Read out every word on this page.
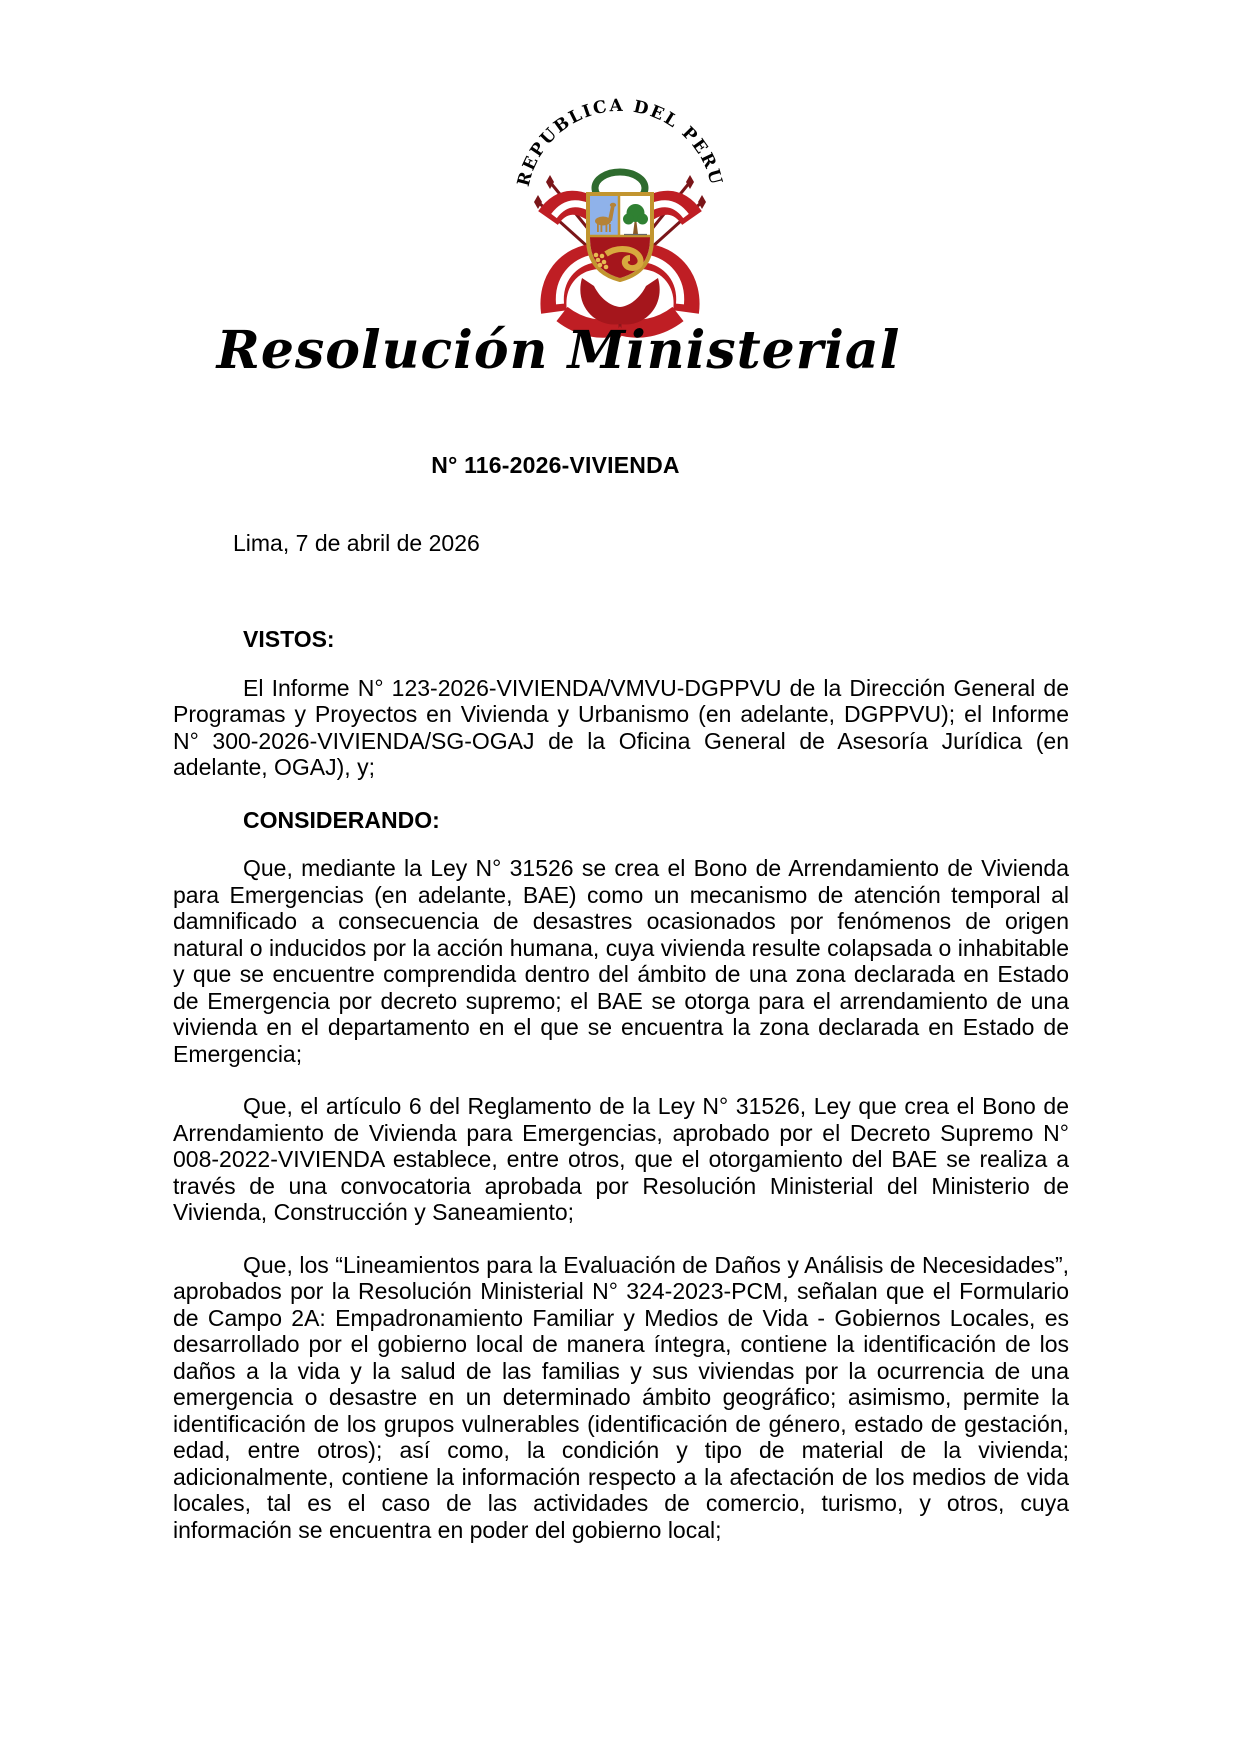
REPUBLICA DEL PERU
Resolución Ministerial
N° 116-2026-VIVIENDA
Lima, 7 de abril de 2026
VISTOS:

El Informe N° 123-2026-VIVIENDA/VMVU-DGPPVU de la Dirección General de Programas y Proyectos en Vivienda y Urbanismo (en adelante, DGPPVU); el Informe N° 300-2026-VIVIENDA/SG-OGAJ de la Oficina General de Asesoría Jurídica (en adelante, OGAJ), y;

CONSIDERANDO:

Que, mediante la Ley N° 31526 se crea el Bono de Arrendamiento de Vivienda para Emergencias (en adelante, BAE) como un mecanismo de atención temporal al damnificado a consecuencia de desastres ocasionados por fenómenos de origen natural o inducidos por la acción humana, cuya vivienda resulte colapsada o inhabitable y que se encuentre comprendida dentro del ámbito de una zona declarada en Estado de Emergencia por decreto supremo; el BAE se otorga para el arrendamiento de una vivienda en el departamento en el que se encuentra la zona declarada en Estado de Emergencia;

Que, el artículo 6 del Reglamento de la Ley N° 31526, Ley que crea el Bono de Arrendamiento de Vivienda para Emergencias, aprobado por el Decreto Supremo N° 008-2022-VIVIENDA establece, entre otros, que el otorgamiento del BAE se realiza a través de una convocatoria aprobada por Resolución Ministerial del Ministerio de Vivienda, Construcción y Saneamiento;

Que, los “Lineamientos para la Evaluación de Daños y Análisis de Necesidades”, aprobados por la Resolución Ministerial N° 324-2023-PCM, señalan que el Formulario de Campo 2A: Empadronamiento Familiar y Medios de Vida - Gobiernos Locales, es desarrollado por el gobierno local de manera íntegra, contiene la identificación de los daños a la vida y la salud de las familias y sus viviendas por la ocurrencia de una emergencia o desastre en un determinado ámbito geográfico; asimismo, permite la identificación de los grupos vulnerables (identificación de género, estado de gestación, edad, entre otros); así como, la condición y tipo de material de la vivienda; adicionalmente, contiene la información respecto a la afectación de los medios de vida locales, tal es el caso de las actividades de comercio, turismo, y otros, cuya información se encuentra en poder del gobierno local;
